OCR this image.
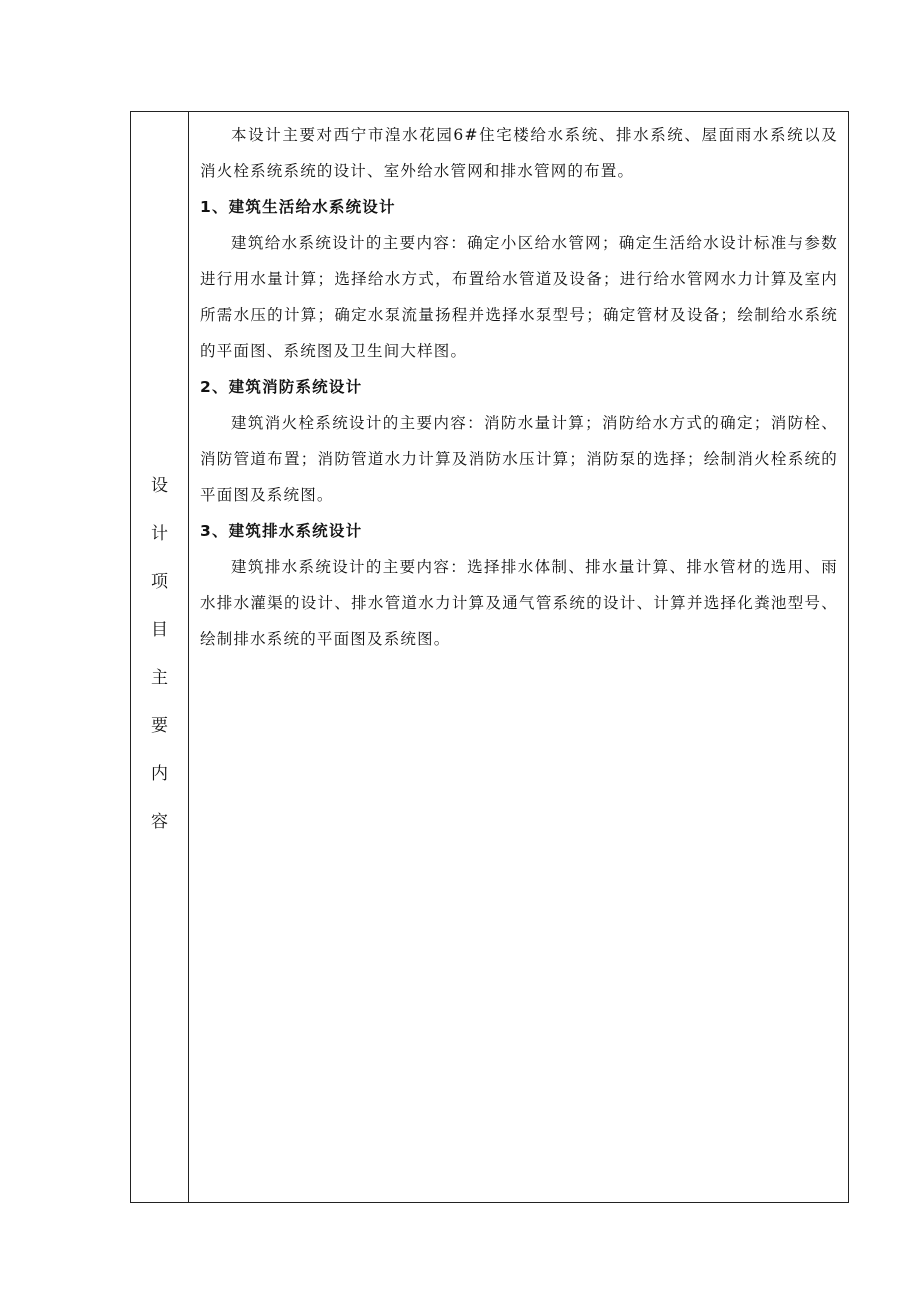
设
计
项
目
主
要
内
容

本设计主要对西宁市湟水花园6#住宅楼给水系统、排水系统、屋面雨水系统以及消火栓系统系统的设计、室外给水管网和排水管网的布置。

1、建筑生活给水系统设计

建筑给水系统设计的主要内容：确定小区给水管网；确定生活给水设计标准与参数进行用水量计算；选择给水方式，布置给水管道及设备；进行给水管网水力计算及室内所需水压的计算；确定水泵流量扬程并选择水泵型号；确定管材及设备；绘制给水系统的平面图、系统图及卫生间大样图。

2、建筑消防系统设计

建筑消火栓系统设计的主要内容：消防水量计算；消防给水方式的确定；消防栓、消防管道布置；消防管道水力计算及消防水压计算；消防泵的选择；绘制消火栓系统的平面图及系统图。

3、建筑排水系统设计

建筑排水系统设计的主要内容：选择排水体制、排水量计算、排水管材的选用、雨水排水灌渠的设计、排水管道水力计算及通气管系统的设计、计算并选择化粪池型号、绘制排水系统的平面图及系统图。
